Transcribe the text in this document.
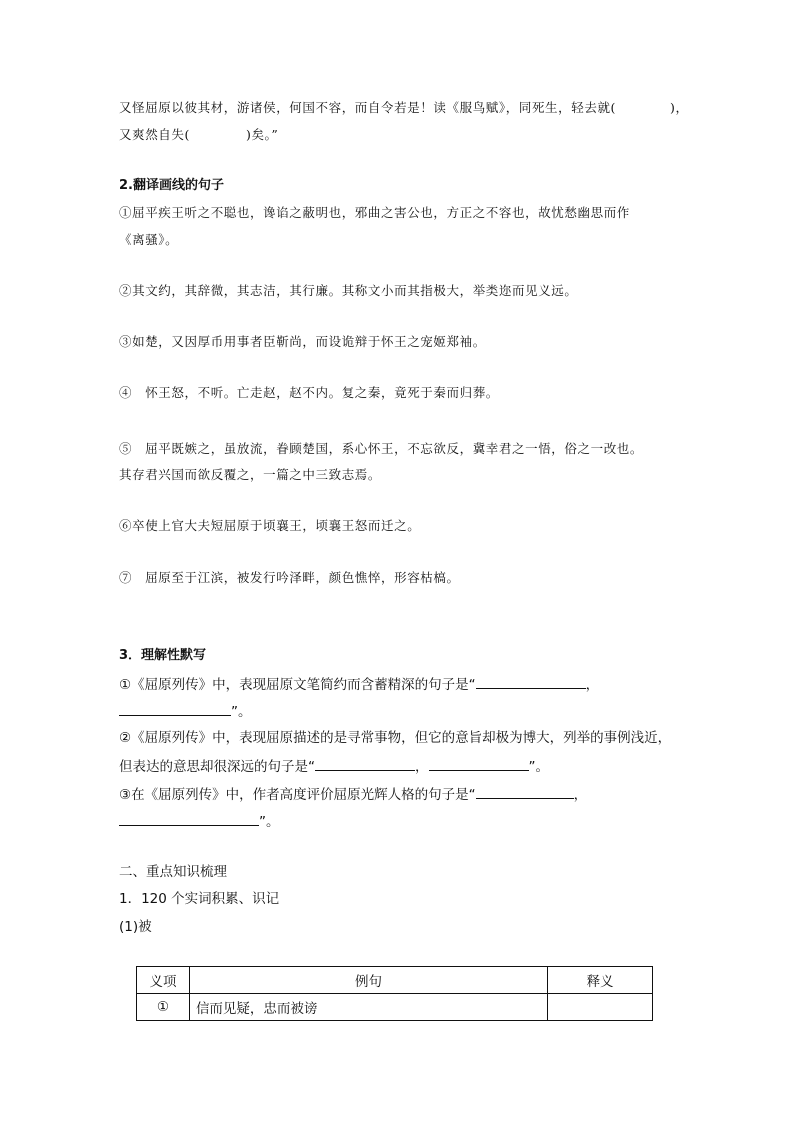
又怪屈原以彼其材，游诸侯，何国不容，而自令若是！读《服鸟赋》，同死生，轻去就(	)，
又爽然自失(	)矣。”
2.翻译画线的句子
①屈平疾王听之不聪也，谗谄之蔽明也，邪曲之害公也，方正之不容也，故忧愁幽思而作
《离骚》。
②其文约，其辞微，其志洁，其行廉。其称文小而其指极大，举类迩而见义远。
③如楚，又因厚币用事者臣靳尚，而设诡辩于怀王之宠姬郑袖。
④　怀王怒，不听。亡走赵，赵不内。复之秦，竟死于秦而归葬。
⑤　屈平既嫉之，虽放流，眷顾楚国，系心怀王，不忘欲反，冀幸君之一悟，俗之一改也。
其存君兴国而欲反覆之，一篇之中三致志焉。
⑥卒使上官大夫短屈原于顷襄王，顷襄王怒而迁之。
⑦　屈原至于江滨，被发行吟泽畔，颜色憔悴，形容枯槁。
3．理解性默写
①《屈原列传》中，表现屈原文笔简约而含蓄精深的句子是“	，
”。
②《屈原列传》中，表现屈原描述的是寻常事物，但它的意旨却极为博大，列举的事例浅近，
但表达的意思却很深远的句子是“	，	”。
③在《屈原列传》中，作者高度评价屈原光辉人格的句子是“	，
”。
二、重点知识梳理
1．120 个实词积累、识记
(1)被
义项	例句	释义
①	信而见疑，忠而被谤	
